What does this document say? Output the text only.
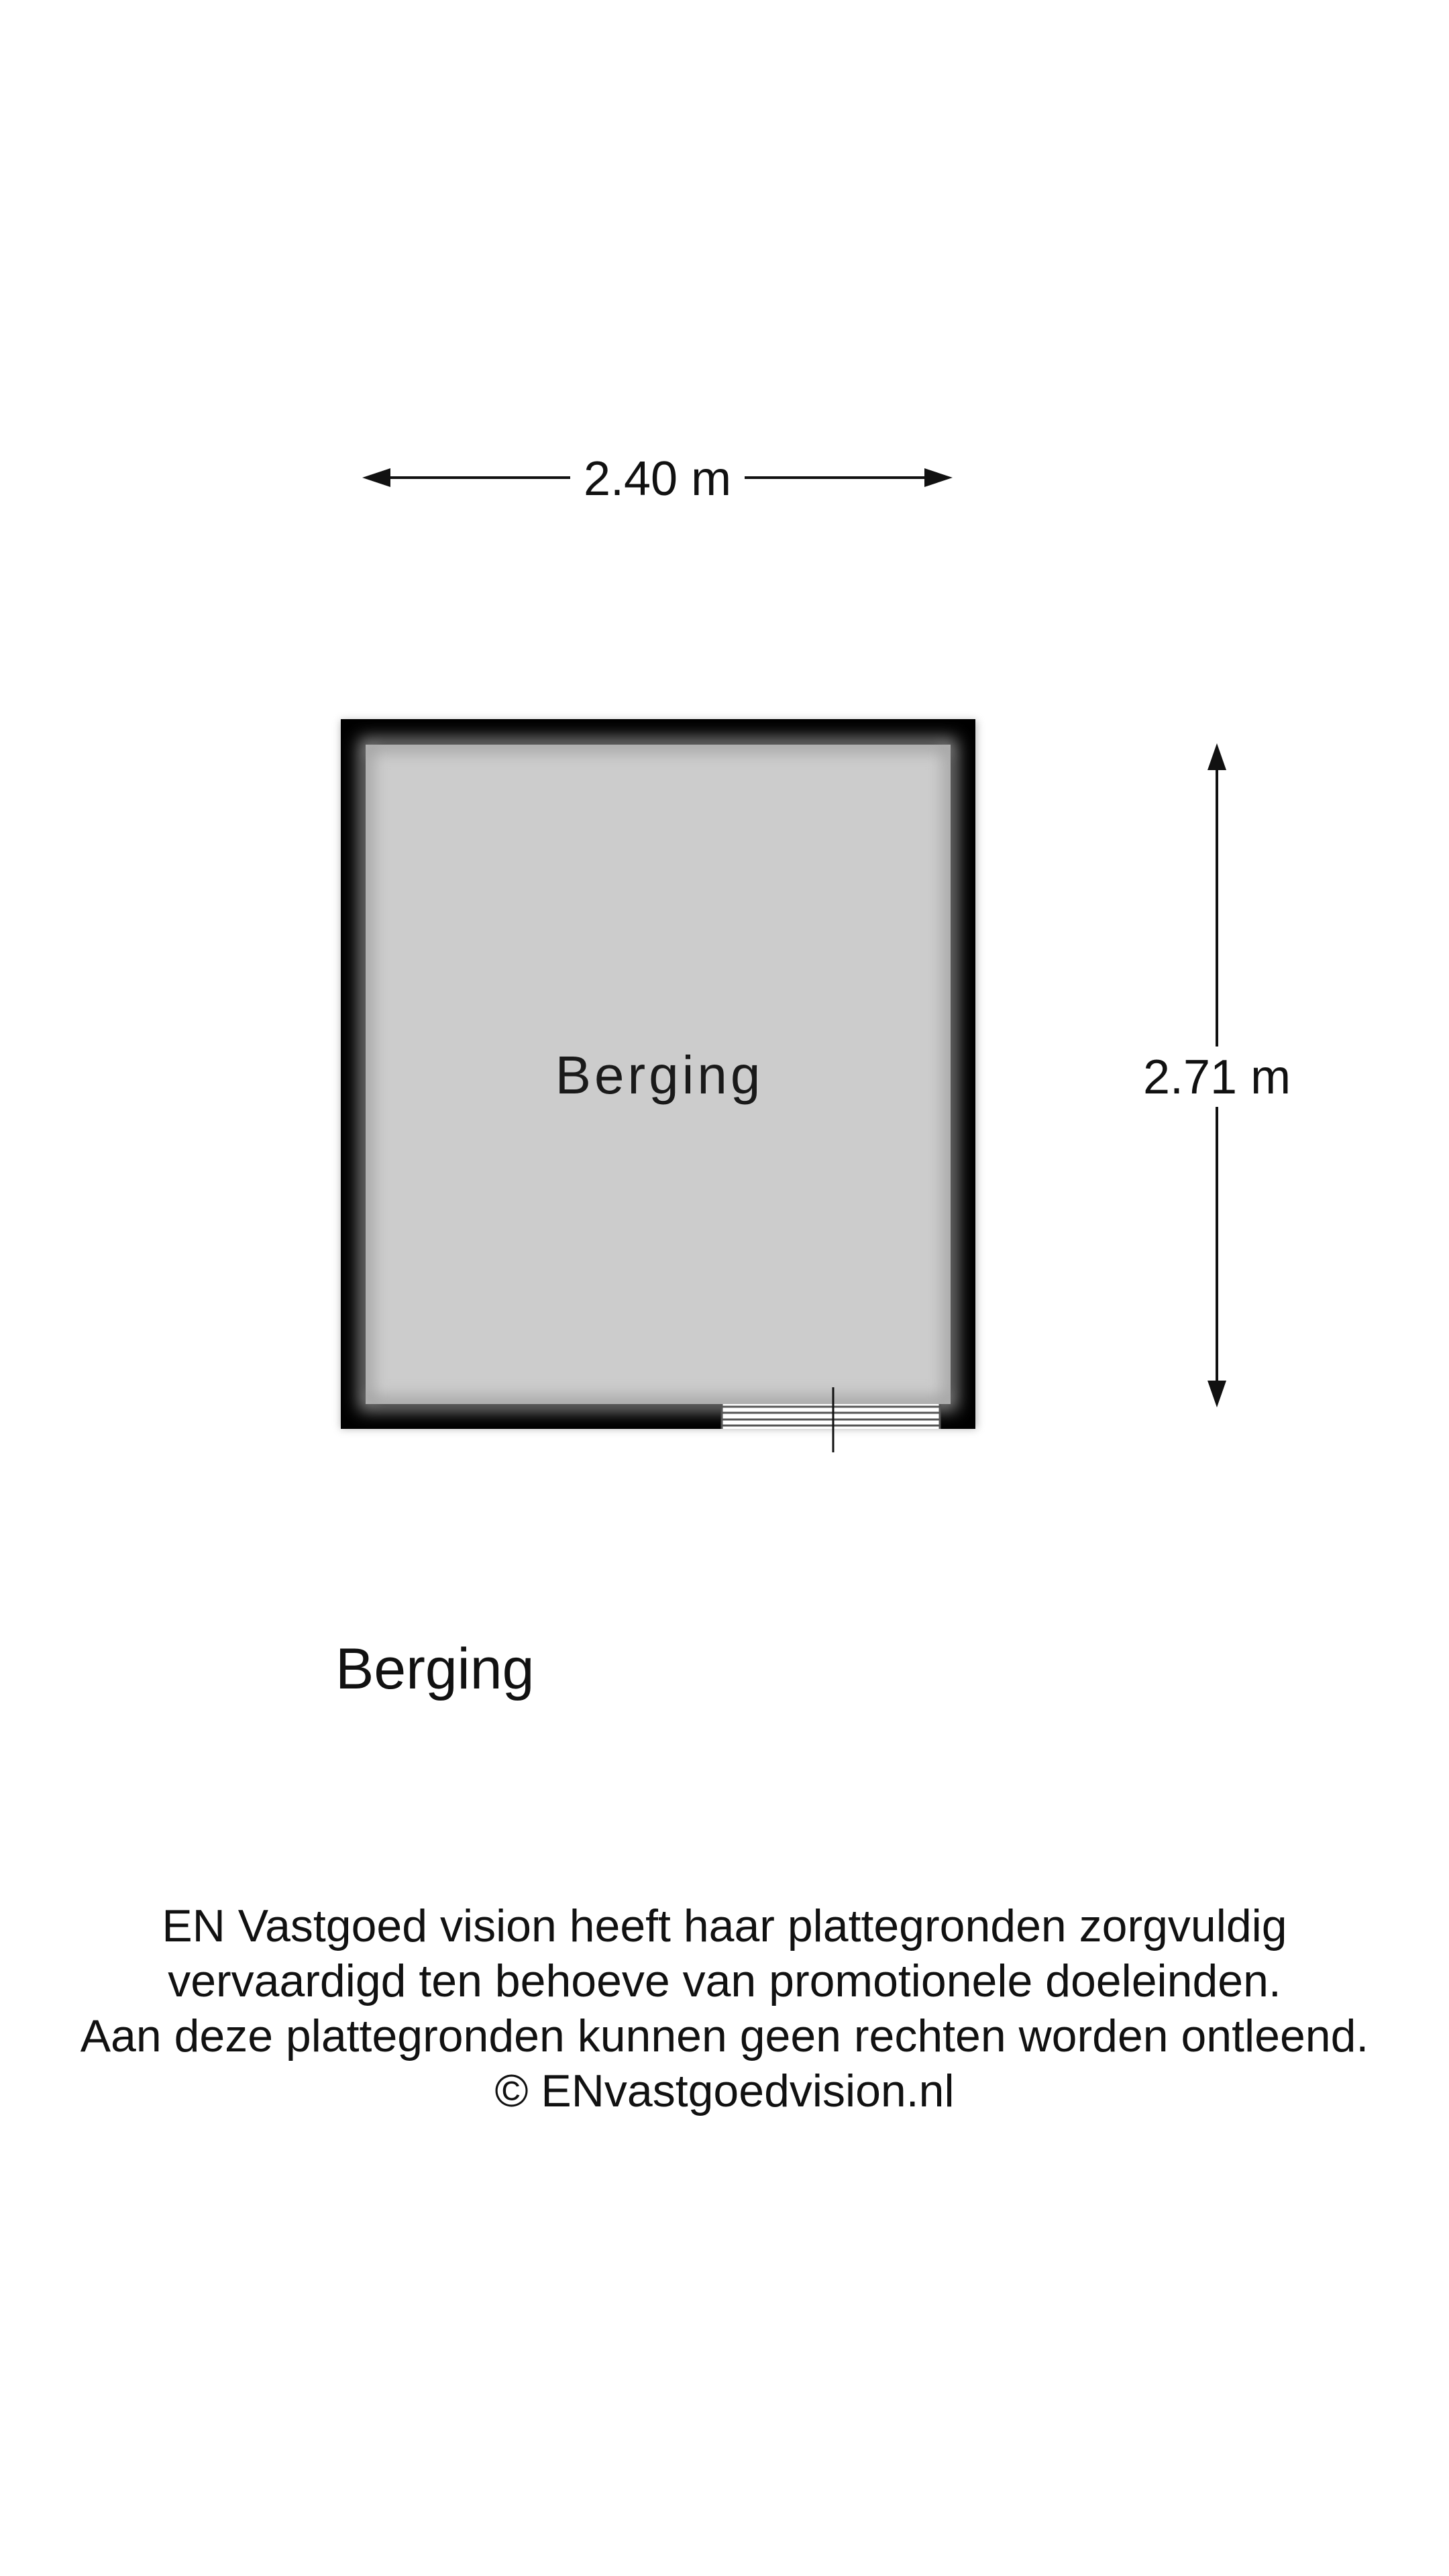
2.40 m
Berging	2.71 m
Berging
EN Vastgoed vision heeft haar plattegronden zorgvuldig
vervaardigd ten behoeve van promotionele doeleinden.
Aan deze plattegronden kunnen geen rechten worden ontleend.
© ENvastgoedvision.nl
